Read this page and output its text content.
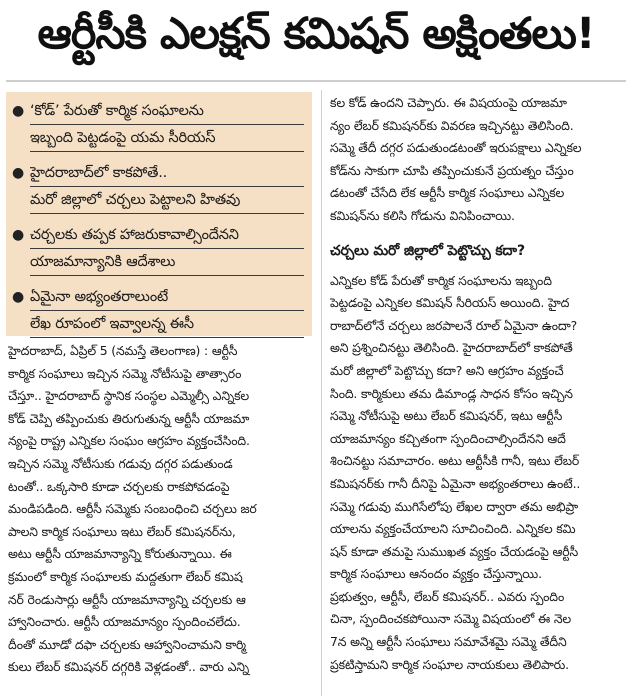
ఆర్టీసీకి ఎలక్షన్ కమిషన్ అక్షింతలు!
● ‘కోడ్’ పేరుతో కార్మిక సంఘాలను
ఇబ్బంది పెట్టడంపై యమ సీరియస్
● హైదరాబాద్‌లో కాకపోతే..
మరో జిల్లాలో చర్చలు పెట్టాలని హితవు
● చర్చలకు తప్పక హాజరుకావాల్సిందేనని
యాజమాన్యానికి ఆదేశాలు
● ఏమైనా అభ్యంతరాలుంటే
లేఖ రూపంలో ఇవ్వాలన్న ఈసీ
హైదరాబాద్, ఏప్రిల్ 5 (నమస్తే తెలంగాణ) : ఆర్టీసీ
కార్మిక సంఘాలు ఇచ్చిన సమ్మె నోటీసుపై తాత్సారం
చేస్తూ.. హైదరాబాద్ స్థానిక సంస్థల ఎమ్మెల్సీ ఎన్నికల
కోడ్ చెప్పి తప్పించుకు తిరుగుతున్న ఆర్టీసీ యాజమా
న్యంపై రాష్ట్ర ఎన్నికల సంఘం ఆగ్రహం వ్యక్తంచేసింది.
ఇచ్చిన సమ్మె నోటీసుకు గడువు దగ్గర పడుతుండ
టంతో.. ఒక్కసారి కూడా చర్చలకు రాకపోవడంపై
మండిపడింది. ఆర్టీసీ సమ్మెకు సంబంధించి చర్చలు జర
పాలని కార్మిక సంఘాలు ఇటు లేబర్ కమిషనర్‌ను,
అటు ఆర్టీసీ యాజమాన్యాన్ని కోరుతున్నాయి. ఈ
క్రమంలో కార్మిక సంఘాలకు మద్దతుగా లేబర్ కమిష
నర్ రెండుసార్లు ఆర్టీసీ యాజమాన్యాన్ని చర్చలకు ఆ
హ్వానించారు. ఆర్టీసీ యాజమాన్యం స్పందించలేదు.
దీంతో మూడో దఫా చర్చలకు ఆహ్వానించామని కార్మి
కులు లేబర్ కమిషనర్ దగ్గరికి వెళ్లడంతో.. వారు ఎన్ని
కల కోడ్ ఉందని చెప్పారు. ఈ విషయంపై యాజమా
న్యం లేబర్ కమిషనర్‌కు వివరణ ఇచ్చినట్టు తెలిసింది.
సమ్మె తేదీ దగ్గర పడుతుండటంతో ఇరుపక్షాలు ఎన్నికల
కోడ్‌ను సాకుగా చూపి తప్పించుకునే ప్రయత్నం చేస్తుం
డటంతో చేసేది లేక ఆర్టీసీ కార్మిక సంఘాలు ఎన్నికల
కమిషన్‌ను కలిసి గోడును వినిపించాయి.
చర్చలు మరో జిల్లాలో పెట్టొచ్చు కదా?
ఎన్నికల కోడ్ పేరుతో కార్మిక సంఘాలను ఇబ్బంది
పెట్టడంపై ఎన్నికల కమిషన్ సీరియస్ అయింది. హైద
రాబాద్‌లోనే చర్చలు జరపాలనే రూల్ ఏమైనా ఉందా?
అని ప్రశ్నించినట్టు తెలిసింది. హైదరాబాద్‌లో కాకపోతే
మరో జిల్లాలో పెట్టొచ్చు కదా? అని ఆగ్రహం వ్యక్తంచే
సింది. కార్మికులు తమ డిమాండ్ల సాధన కోసం ఇచ్చిన
సమ్మె నోటీసుపై అటు లేబర్ కమిషనర్, ఇటు ఆర్టీసీ
యాజమాన్యం కచ్చితంగా స్పందించాల్సిందేనని ఆదే
శించినట్టు సమాచారం. అటు ఆర్టీసీకి గానీ, ఇటు లేబర్
కమిషనర్‌కు గానీ దీనిపై ఏమైనా అభ్యంతరాలు ఉంటే..
సమ్మె గడువు ముగిసేలోపు లేఖల ద్వారా తమ అభిప్రా
యాలను వ్యక్తంచేయాలని సూచించింది. ఎన్నికల కమి
షన్ కూడా తమపై సుముఖత వ్యక్తం చేయడంపై ఆర్టీసీ
కార్మిక సంఘాలు ఆనందం వ్యక్తం చేస్తున్నాయి.
ప్రభుత్వం, ఆర్టీసీ, లేబర్ కమిషనర్.. ఎవరు స్పందిం
చినా, స్పందించకపోయినా సమ్మె విషయంలో ఈ నెల
7న అన్ని ఆర్టీసీ సంఘాలు సమావేశమై సమ్మె తేదీని
ప్రకటిస్తామని కార్మిక సంఘాల నాయకులు తెలిపారు.
